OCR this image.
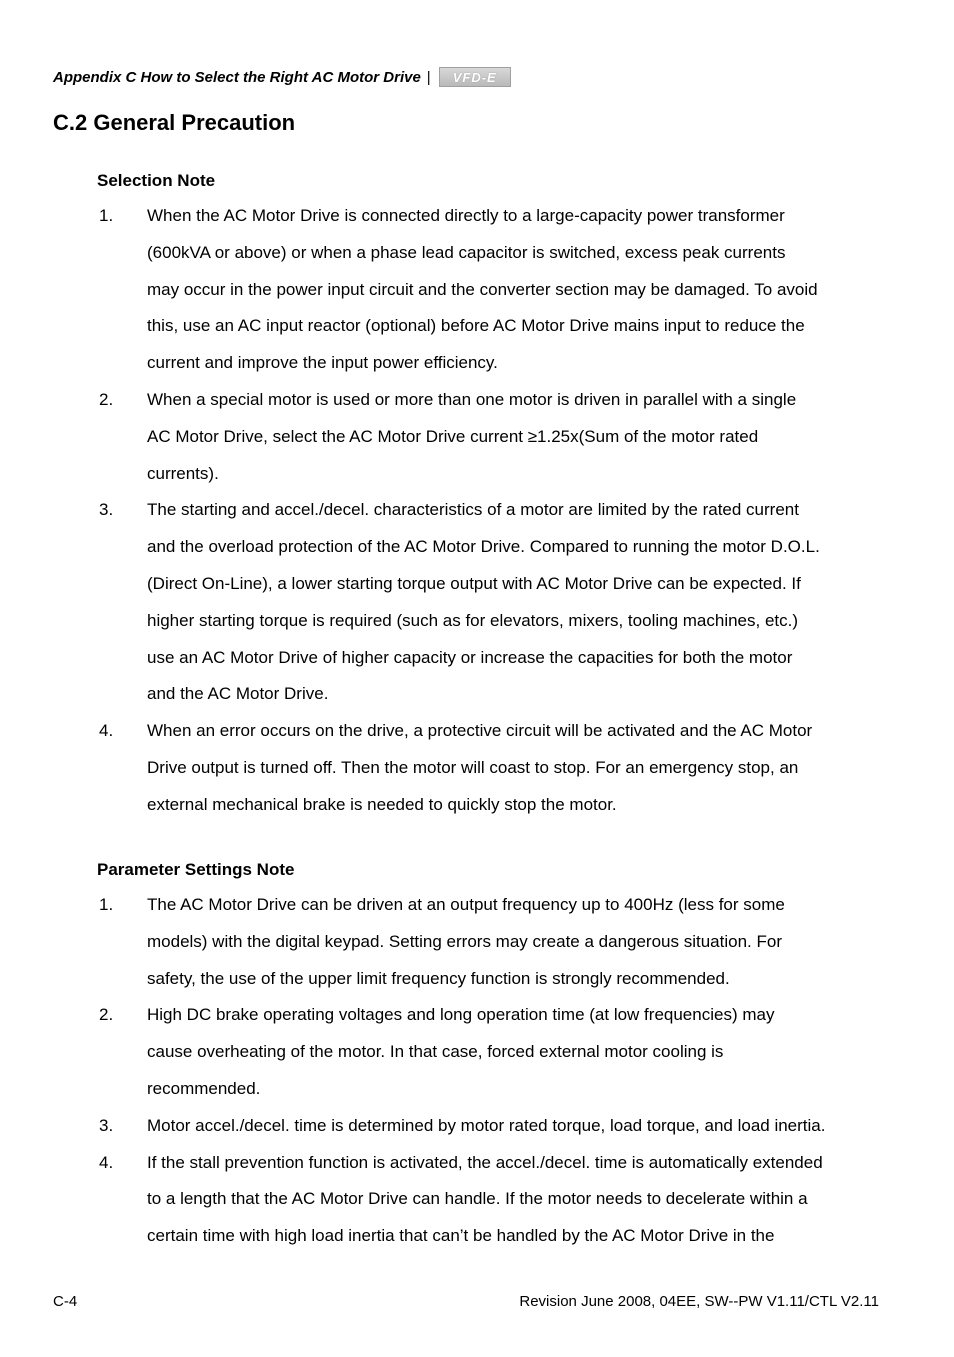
Appendix C How to Select the Right AC Motor Drive |	VFD-E
C.2 General Precaution
Selection Note
1.	When the AC Motor Drive is connected directly to a large-capacity power transformer
(600kVA or above) or when a phase lead capacitor is switched, excess peak currents
may occur in the power input circuit and the converter section may be damaged. To avoid
this, use an AC input reactor (optional) before AC Motor Drive mains input to reduce the
current and improve the input power efficiency.
2.	When a special motor is used or more than one motor is driven in parallel with a single
AC Motor Drive, select the AC Motor Drive current ≥1.25x(Sum of the motor rated
currents).
3.	The starting and accel./decel. characteristics of a motor are limited by the rated current
and the overload protection of the AC Motor Drive. Compared to running the motor D.O.L.
(Direct On-Line), a lower starting torque output with AC Motor Drive can be expected. If
higher starting torque is required (such as for elevators, mixers, tooling machines, etc.)
use an AC Motor Drive of higher capacity or increase the capacities for both the motor
and the AC Motor Drive.
4.	When an error occurs on the drive, a protective circuit will be activated and the AC Motor
Drive output is turned off. Then the motor will coast to stop. For an emergency stop, an
external mechanical brake is needed to quickly stop the motor.
Parameter Settings Note
1.	The AC Motor Drive can be driven at an output frequency up to 400Hz (less for some
models) with the digital keypad. Setting errors may create a dangerous situation. For
safety, the use of the upper limit frequency function is strongly recommended.
2.	High DC brake operating voltages and long operation time (at low frequencies) may
cause overheating of the motor. In that case, forced external motor cooling is
recommended.
3.	Motor accel./decel. time is determined by motor rated torque, load torque, and load inertia.
4.	If the stall prevention function is activated, the accel./decel. time is automatically extended
to a length that the AC Motor Drive can handle. If the motor needs to decelerate within a
certain time with high load inertia that can’t be handled by the AC Motor Drive in the
C-4	Revision June 2008, 04EE, SW--PW V1.11/CTL V2.11
